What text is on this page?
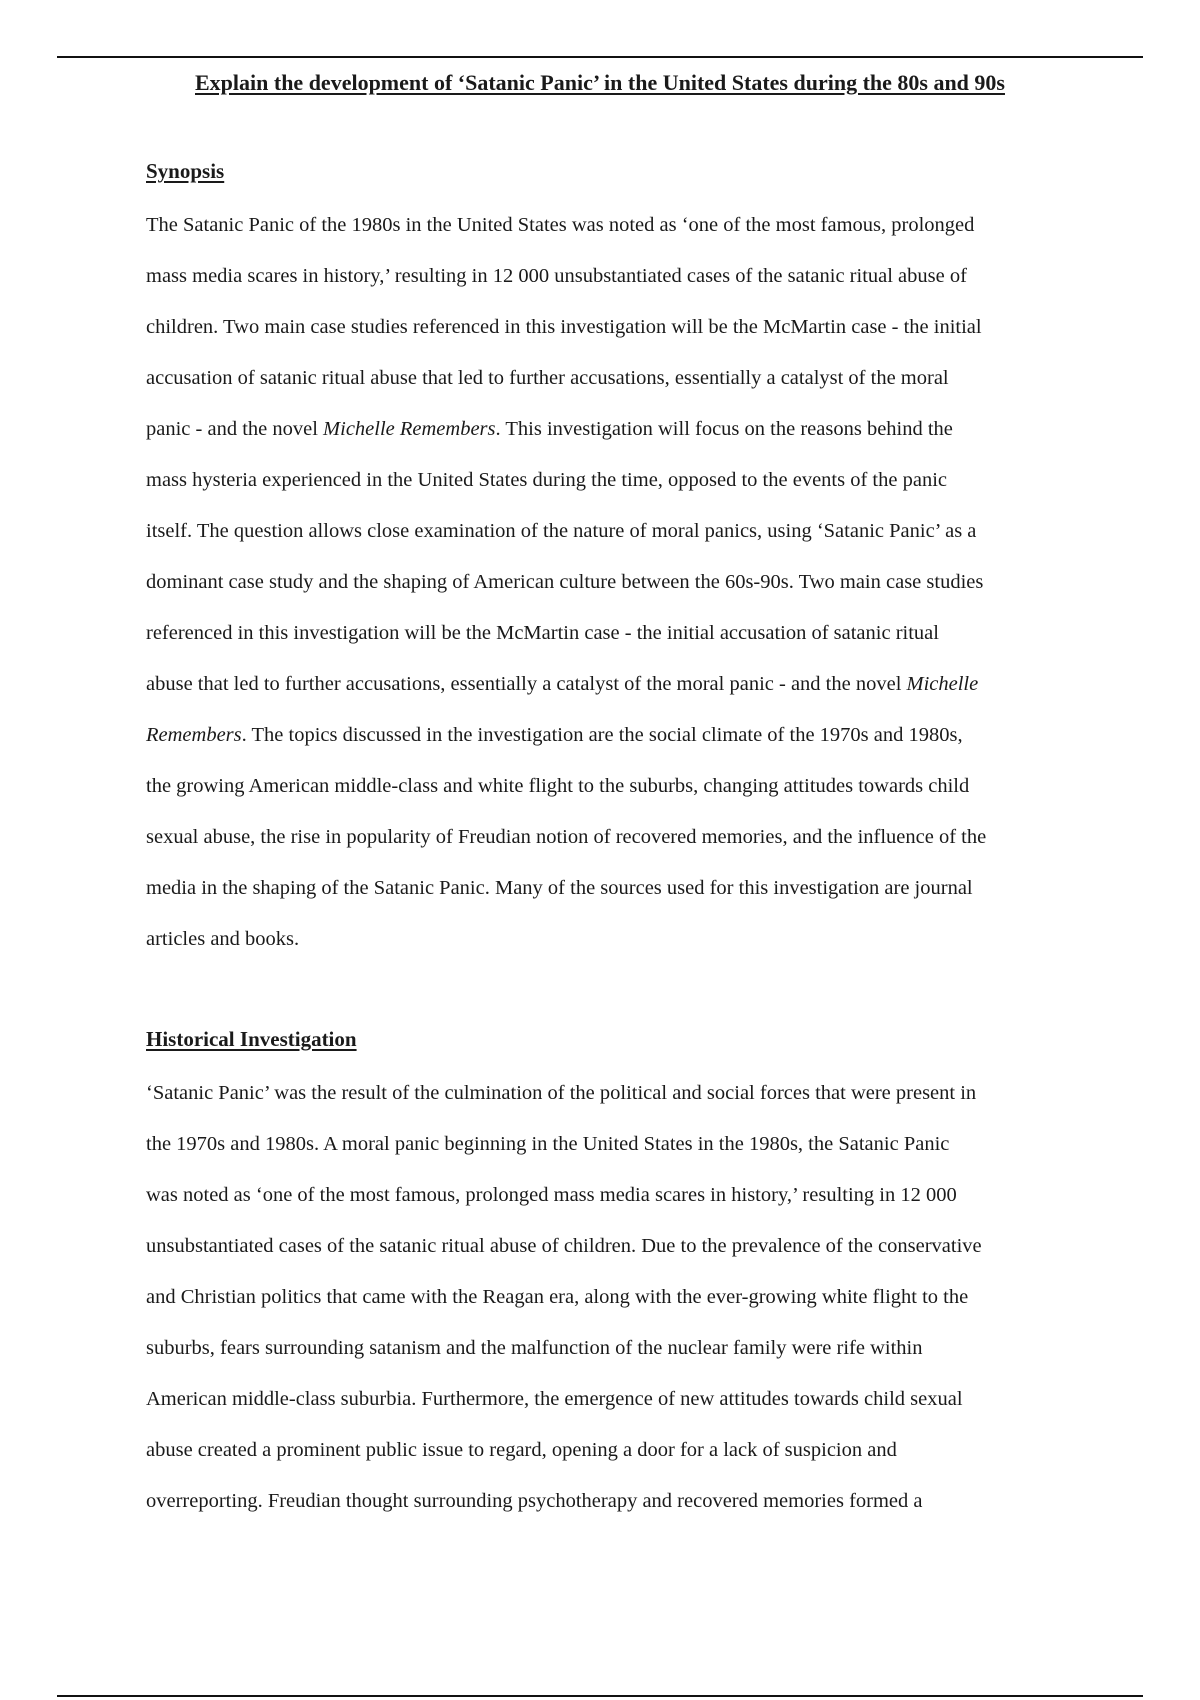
Explain the development of ‘Satanic Panic’ in the United States during the 80s and 90s

Synopsis

The Satanic Panic of the 1980s in the United States was noted as ‘one of the most famous, prolonged

mass media scares in history,’ resulting in 12 000 unsubstantiated cases of the satanic ritual abuse of

children. Two main case studies referenced in this investigation will be the McMartin case - the initial

accusation of satanic ritual abuse that led to further accusations, essentially a catalyst of the moral

panic - and the novel Michelle Remembers. This investigation will focus on the reasons behind the

mass hysteria experienced in the United States during the time, opposed to the events of the panic

itself. The question allows close examination of the nature of moral panics, using ‘Satanic Panic’ as a

dominant case study and the shaping of American culture between the 60s-90s. Two main case studies

referenced in this investigation will be the McMartin case - the initial accusation of satanic ritual

abuse that led to further accusations, essentially a catalyst of the moral panic - and the novel Michelle

Remembers. The topics discussed in the investigation are the social climate of the 1970s and 1980s,

the growing American middle-class and white flight to the suburbs, changing attitudes towards child

sexual abuse, the rise in popularity of Freudian notion of recovered memories, and the influence of the

media in the shaping of the Satanic Panic. Many of the sources used for this investigation are journal

articles and books.

Historical Investigation

‘Satanic Panic’ was the result of the culmination of the political and social forces that were present in

the 1970s and 1980s. A moral panic beginning in the United States in the 1980s, the Satanic Panic

was noted as ‘one of the most famous, prolonged mass media scares in history,’ resulting in 12 000

unsubstantiated cases of the satanic ritual abuse of children. Due to the prevalence of the conservative

and Christian politics that came with the Reagan era, along with the ever-growing white flight to the

suburbs, fears surrounding satanism and the malfunction of the nuclear family were rife within

American middle-class suburbia. Furthermore, the emergence of new attitudes towards child sexual

abuse created a prominent public issue to regard, opening a door for a lack of suspicion and

overreporting. Freudian thought surrounding psychotherapy and recovered memories formed a
